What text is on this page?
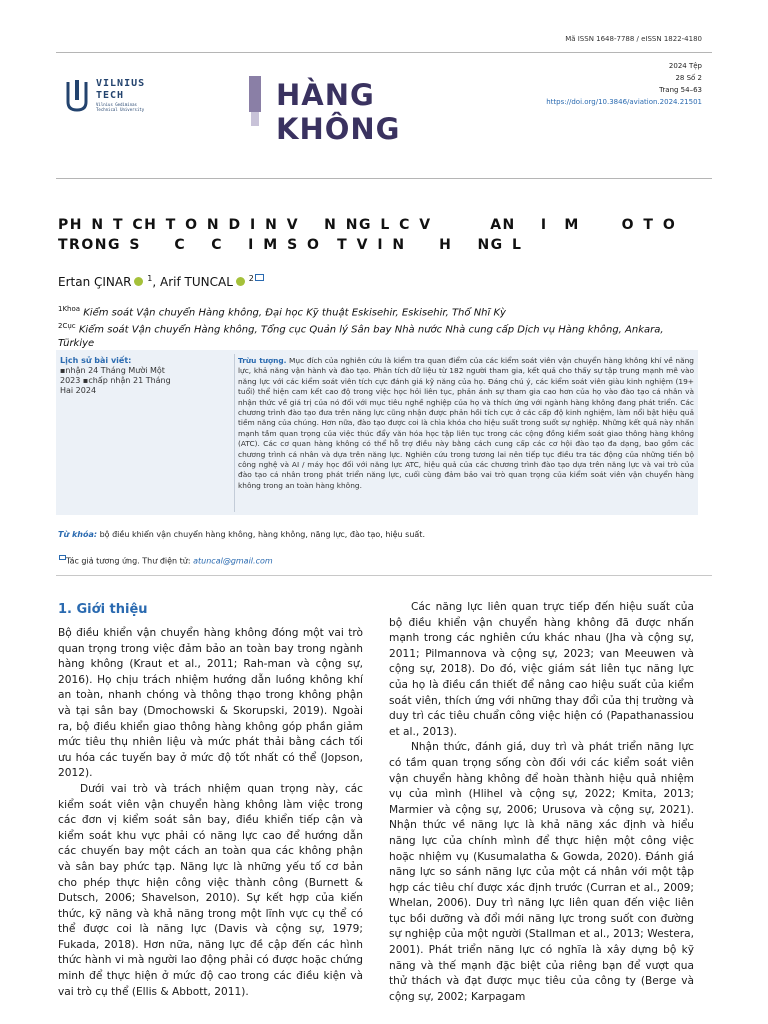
Mã ISSN 1648-7788 / eISSN 1822-4180
VILNIUS
TECH
Vilnius Gediminas
Technical University	HÀNG KHÔNG
2024 Tệp
28 Số 2
Trang 54–63
https://doi.org/10.3846/aviation.2024.21501
PH N T CH T O N D I N V   N NG L C V       AN   I  M     O T O
TRONG S    C   C   I M S O  T V I N    H   NG L
Ertan ÇINAR $^1$, Arif TUNCAL $^2$
$^{1Khoa}$ Kiểm soát Vận chuyển Hàng không, Đại học Kỹ thuật Eskisehir, Eskisehir, Thổ Nhĩ Kỳ
$^{2Cục}$ Kiểm soát Vận chuyển Hàng không, Tổng cục Quản lý Sân bay Nhà nước Nhà cung cấp Dịch vụ Hàng không, Ankara, Türkiye
Lịch sử bài viết:
▪nhận 24 Tháng Mười Một
2023 ▪chấp nhận 21 Tháng
Hai 2024
Trừu tượng. Mục đích của nghiên cứu là kiểm tra quan điểm của các kiểm soát viên vận chuyển hàng không khí về năng lực, khả năng vận hành và đào tạo. Phân tích dữ liệu từ 182 người tham gia, kết quả cho thấy sự tập trung mạnh mẽ vào năng lực với các kiểm soát viên tích cực đánh giá kỹ năng của họ. Đáng chú ý, các kiểm soát viên giàu kinh nghiệm (19+ tuổi) thể hiện cam kết cao độ trong việc học hỏi liên tục, phản ánh sự tham gia cao hơn của họ vào đào tạo cá nhân và nhận thức về giá trị của nó đối với mục tiêu nghề nghiệp của họ và thích ứng với ngành hàng không đang phát triển. Các chương trình đào tạo đưa trên năng lực cũng nhận được phản hồi tích cực ở các cấp độ kinh nghiệm, làm nổi bật hiệu quả tiềm năng của chúng. Hơn nữa, đào tạo được coi là chìa khóa cho hiệu suất trong suốt sự nghiệp. Những kết quả này nhấn mạnh tầm quan trọng của việc thúc đẩy văn hóa học tập liên tục trong các cộng đồng kiểm soát giao thông hàng không (ATC). Các cơ quan hàng không có thể hỗ trợ điều này bằng cách cung cấp các cơ hội đào tạo đa dạng, bao gồm các chương trình cá nhân và dựa trên năng lực. Nghiên cứu trong tương lai nên tiếp tục điều tra tác động của những tiến bộ công nghệ và AI / máy học đối với năng lực ATC, hiệu quả của các chương trình đào tạo dựa trên năng lực và vai trò của đào tạo cá nhân trong phát triển năng lực, cuối cùng đảm bảo vai trò quan trọng của kiểm soát viên vận chuyển hàng không trong an toàn hàng không.
Từ khóa: bộ điều khiển vận chuyển hàng không, hàng không, năng lực, đào tạo, hiệu suất.
Tác giả tương ứng. Thư điện tử: atuncal@gmail.com
1. Giới thiệu

Bộ điều khiển vận chuyển hàng không đóng một vai trò quan trọng trong việc đảm bảo an toàn bay trong ngành hàng không (Kraut et al., 2011; Rah-man và cộng sự, 2016). Họ chịu trách nhiệm hướng dẫn luồng không khí an toàn, nhanh chóng và thông thạo trong không phận và tại sân bay (Dmochowski & Skorupski, 2019). Ngoài ra, bộ điều khiển giao thông hàng không góp phần giảm mức tiêu thụ nhiên liệu và mức phát thải bằng cách tối ưu hóa các tuyến bay ở mức độ tốt nhất có thể (Jopson, 2012).

Dưới vai trò và trách nhiệm quan trọng này, các kiểm soát viên vận chuyển hàng không làm việc trong các đơn vị kiểm soát sân bay, điều khiển tiếp cận và kiểm soát khu vực phải có năng lực cao để hướng dẫn các chuyến bay một cách an toàn qua các không phận và sân bay phức tạp. Năng lực là những yếu tố cơ bản cho phép thực hiện công việc thành công (Burnett & Dutsch, 2006; Shavelson, 2010). Sự kết hợp của kiến thức, kỹ năng và khả năng trong một lĩnh vực cụ thể có thể được coi là năng lực (Davis và cộng sự, 1979; Fukada, 2018). Hơn nữa, năng lực đề cập đến các hình thức hành vi mà người lao động phải có được hoặc chứng minh để thực hiện ở mức độ cao trong các điều kiện và vai trò cụ thể (Ellis & Abbott, 2011).

Các năng lực liên quan trực tiếp đến hiệu suất của bộ điều khiển vận chuyển hàng không đã được nhấn mạnh trong các nghiên cứu khác nhau (Jha và cộng sự, 2011; Pilmannova và cộng sự, 2023; van Meeuwen và cộng sự, 2018). Do đó, việc giám sát liên tục năng lực của họ là điều cần thiết để nâng cao hiệu suất của kiểm soát viên, thích ứng với những thay đổi của thị trường và duy trì các tiêu chuẩn công việc hiện có (Papathanassiou et al., 2013).

Nhận thức, đánh giá, duy trì và phát triển năng lực có tầm quan trọng sống còn đối với các kiểm soát viên vận chuyển hàng không để hoàn thành hiệu quả nhiệm vụ của mình (Hlihel và cộng sự, 2022; Kmita, 2013; Marmier và cộng sự, 2006; Urusova và cộng sự, 2021). Nhận thức về năng lực là khả năng xác định và hiểu năng lực của chính mình để thực hiện một công việc hoặc nhiệm vụ (Kusumalatha & Gowda, 2020). Đánh giá năng lực so sánh năng lực của một cá nhân với một tập hợp các tiêu chí được xác định trước (Curran et al., 2009; Whelan, 2006). Duy trì năng lực liên quan đến việc liên tục bồi dưỡng và đổi mới năng lực trong suốt con đường sự nghiệp của một người (Stallman et al., 2013; Westera, 2001). Phát triển năng lực có nghĩa là xây dựng bộ kỹ năng và thế mạnh đặc biệt của riêng bạn để vượt qua thử thách và đạt được mục tiêu của công ty (Berge và cộng sự, 2002; Karpagam
